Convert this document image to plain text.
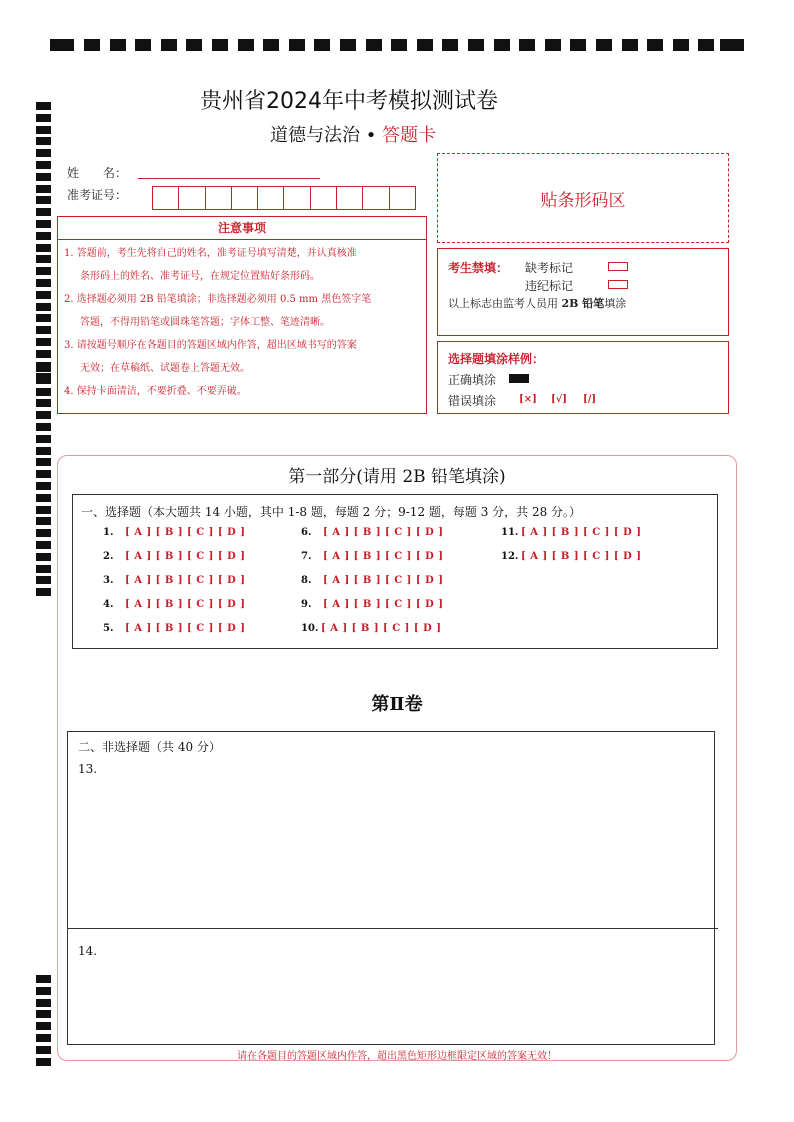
贵州省2024年中考模拟测试卷
道德与法治 • 答题卡
姓　　名：
准考证号：	贴条形码区
注意事项

1. 答题前，考生先将自己的姓名，准考证号填写清楚，并认真核准

条形码上的姓名、准考证号，在规定位置贴好条形码。

2. 选择题必须用 2B 铅笔填涂；非选择题必须用 0.5 mm 黑色签字笔

答题，不得用铅笔或圆珠笔答题；字体工整、笔迹清晰。

3. 请按题号顺序在各题目的答题区域内作答，超出区域书写的答案

无效；在草稿纸、试题卷上答题无效。

4. 保持卡面清洁，不要折叠、不要弄破。

考生禁填： 缺考标记
违纪标记
以上标志由监考人员用 2B 铅笔填涂
选择题填涂样例：
正确填涂
错误填涂 [×] [√] [/]
第一部分(请用 2B 铅笔填涂)
一、选择题（本大题共 14 小题，其中 1-8 题，每题 2 分；9-12 题，每题 3 分，共 28 分。）
1. [ A ] [ B ] [ C ] [ D ]
2. [ A ] [ B ] [ C ] [ D ]
3. [ A ] [ B ] [ C ] [ D ]
4. [ A ] [ B ] [ C ] [ D ]
5. [ A ] [ B ] [ C ] [ D ]
6. [ A ] [ B ] [ C ] [ D ]
7. [ A ] [ B ] [ C ] [ D ]
8. [ A ] [ B ] [ C ] [ D ]
9. [ A ] [ B ] [ C ] [ D ]
10. [ A ] [ B ] [ C ] [ D ]
11. [ A ] [ B ] [ C ] [ D ]
12. [ A ] [ B ] [ C ] [ D ]
第Ⅱ卷
二、非选择题（共 40 分）
13.
14.
请在各题目的答题区域内作答，超出黑色矩形边框限定区域的答案无效！
